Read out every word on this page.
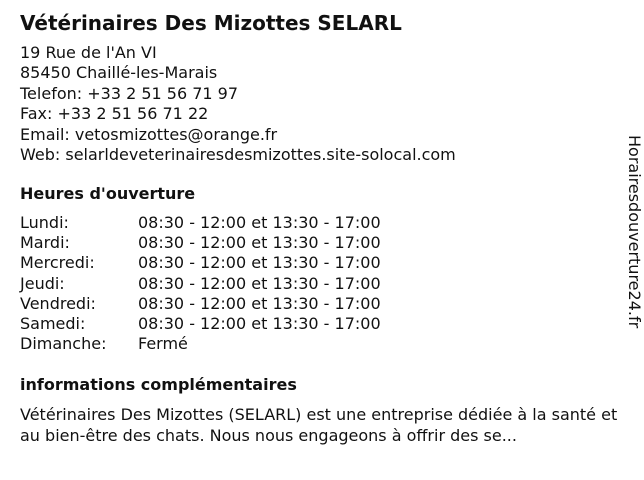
Vétérinaires Des Mizottes SELARL
19 Rue de l'An VI
85450 Chaillé-les-Marais
Telefon: +33 2 51 56 71 97
Fax: +33 2 51 56 71 22
Email: vetosmizottes@orange.fr
Web: selarldeveterinairesdesmizottes.site-solocal.com
Heures d'ouverture
Lundi:	08:30 - 12:00 et 13:30 - 17:00
Mardi:	08:30 - 12:00 et 13:30 - 17:00
Mercredi:	08:30 - 12:00 et 13:30 - 17:00
Jeudi:	08:30 - 12:00 et 13:30 - 17:00
Vendredi:	08:30 - 12:00 et 13:30 - 17:00
Samedi:	08:30 - 12:00 et 13:30 - 17:00
Dimanche:	Fermé
informations complémentaires
Vétérinaires Des Mizottes (SELARL) est une entreprise dédiée à la santé et au bien-être des chats. Nous nous engageons à offrir des se...
Horairesdouverture24.fr
